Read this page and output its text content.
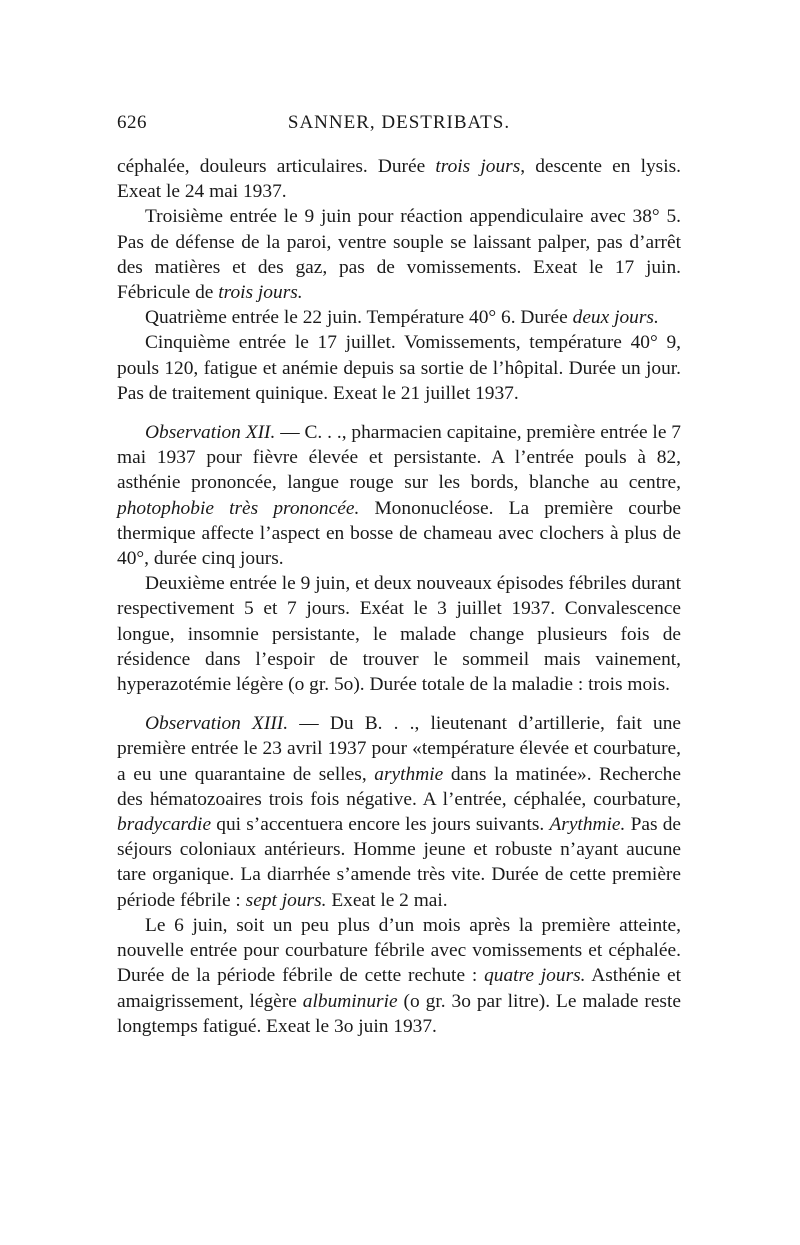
626	SANNER, DESTRIBATS.

céphalée, douleurs articulaires. Durée trois jours, descente en lysis. Exeat le 24 mai 1937.

Troisième entrée le 9 juin pour réaction appendiculaire avec 38° 5. Pas de défense de la paroi, ventre souple se laissant palper, pas d’arrêt des matières et des gaz, pas de vomissements. Exeat le 17 juin. Fébricule de trois jours.

Quatrième entrée le 22 juin. Température 40° 6. Durée deux jours.

Cinquième entrée le 17 juillet. Vomissements, température 40° 9, pouls 120, fatigue et anémie depuis sa sortie de l’hôpital. Durée un jour. Pas de traitement quinique. Exeat le 21 juillet 1937.

Observation XII. — C. . ., pharmacien capitaine, première entrée le 7 mai 1937 pour fièvre élevée et persistante. A l’entrée pouls à 82, asthénie prononcée, langue rouge sur les bords, blanche au centre, photophobie très prononcée. Mononucléose. La première courbe thermique affecte l’aspect en bosse de chameau avec clochers à plus de 40°, durée cinq jours.

Deuxième entrée le 9 juin, et deux nouveaux épisodes fébriles durant respectivement 5 et 7 jours. Exéat le 3 juillet 1937. Convalescence longue, insomnie persistante, le malade change plusieurs fois de résidence dans l’espoir de trouver le sommeil mais vainement, hyperazotémie légère (o gr. 5o). Durée totale de la maladie : trois mois.

Observation XIII. — Du B. . ., lieutenant d’artillerie, fait une première entrée le 23 avril 1937 pour «température élevée et courbature, a eu une quarantaine de selles, arythmie dans la matinée». Recherche des hématozoaires trois fois négative. A l’entrée, céphalée, courbature, bradycardie qui s’accentuera encore les jours suivants. Arythmie. Pas de séjours coloniaux antérieurs. Homme jeune et robuste n’ayant aucune tare organique. La diarrhée s’amende très vite. Durée de cette première période fébrile : sept jours. Exeat le 2 mai.

Le 6 juin, soit un peu plus d’un mois après la première atteinte, nouvelle entrée pour courbature fébrile avec vomissements et céphalée. Durée de la période fébrile de cette rechute : quatre jours. Asthénie et amaigrissement, légère albuminurie (o gr. 3o par litre). Le malade reste longtemps fatigué. Exeat le 3o juin 1937.
